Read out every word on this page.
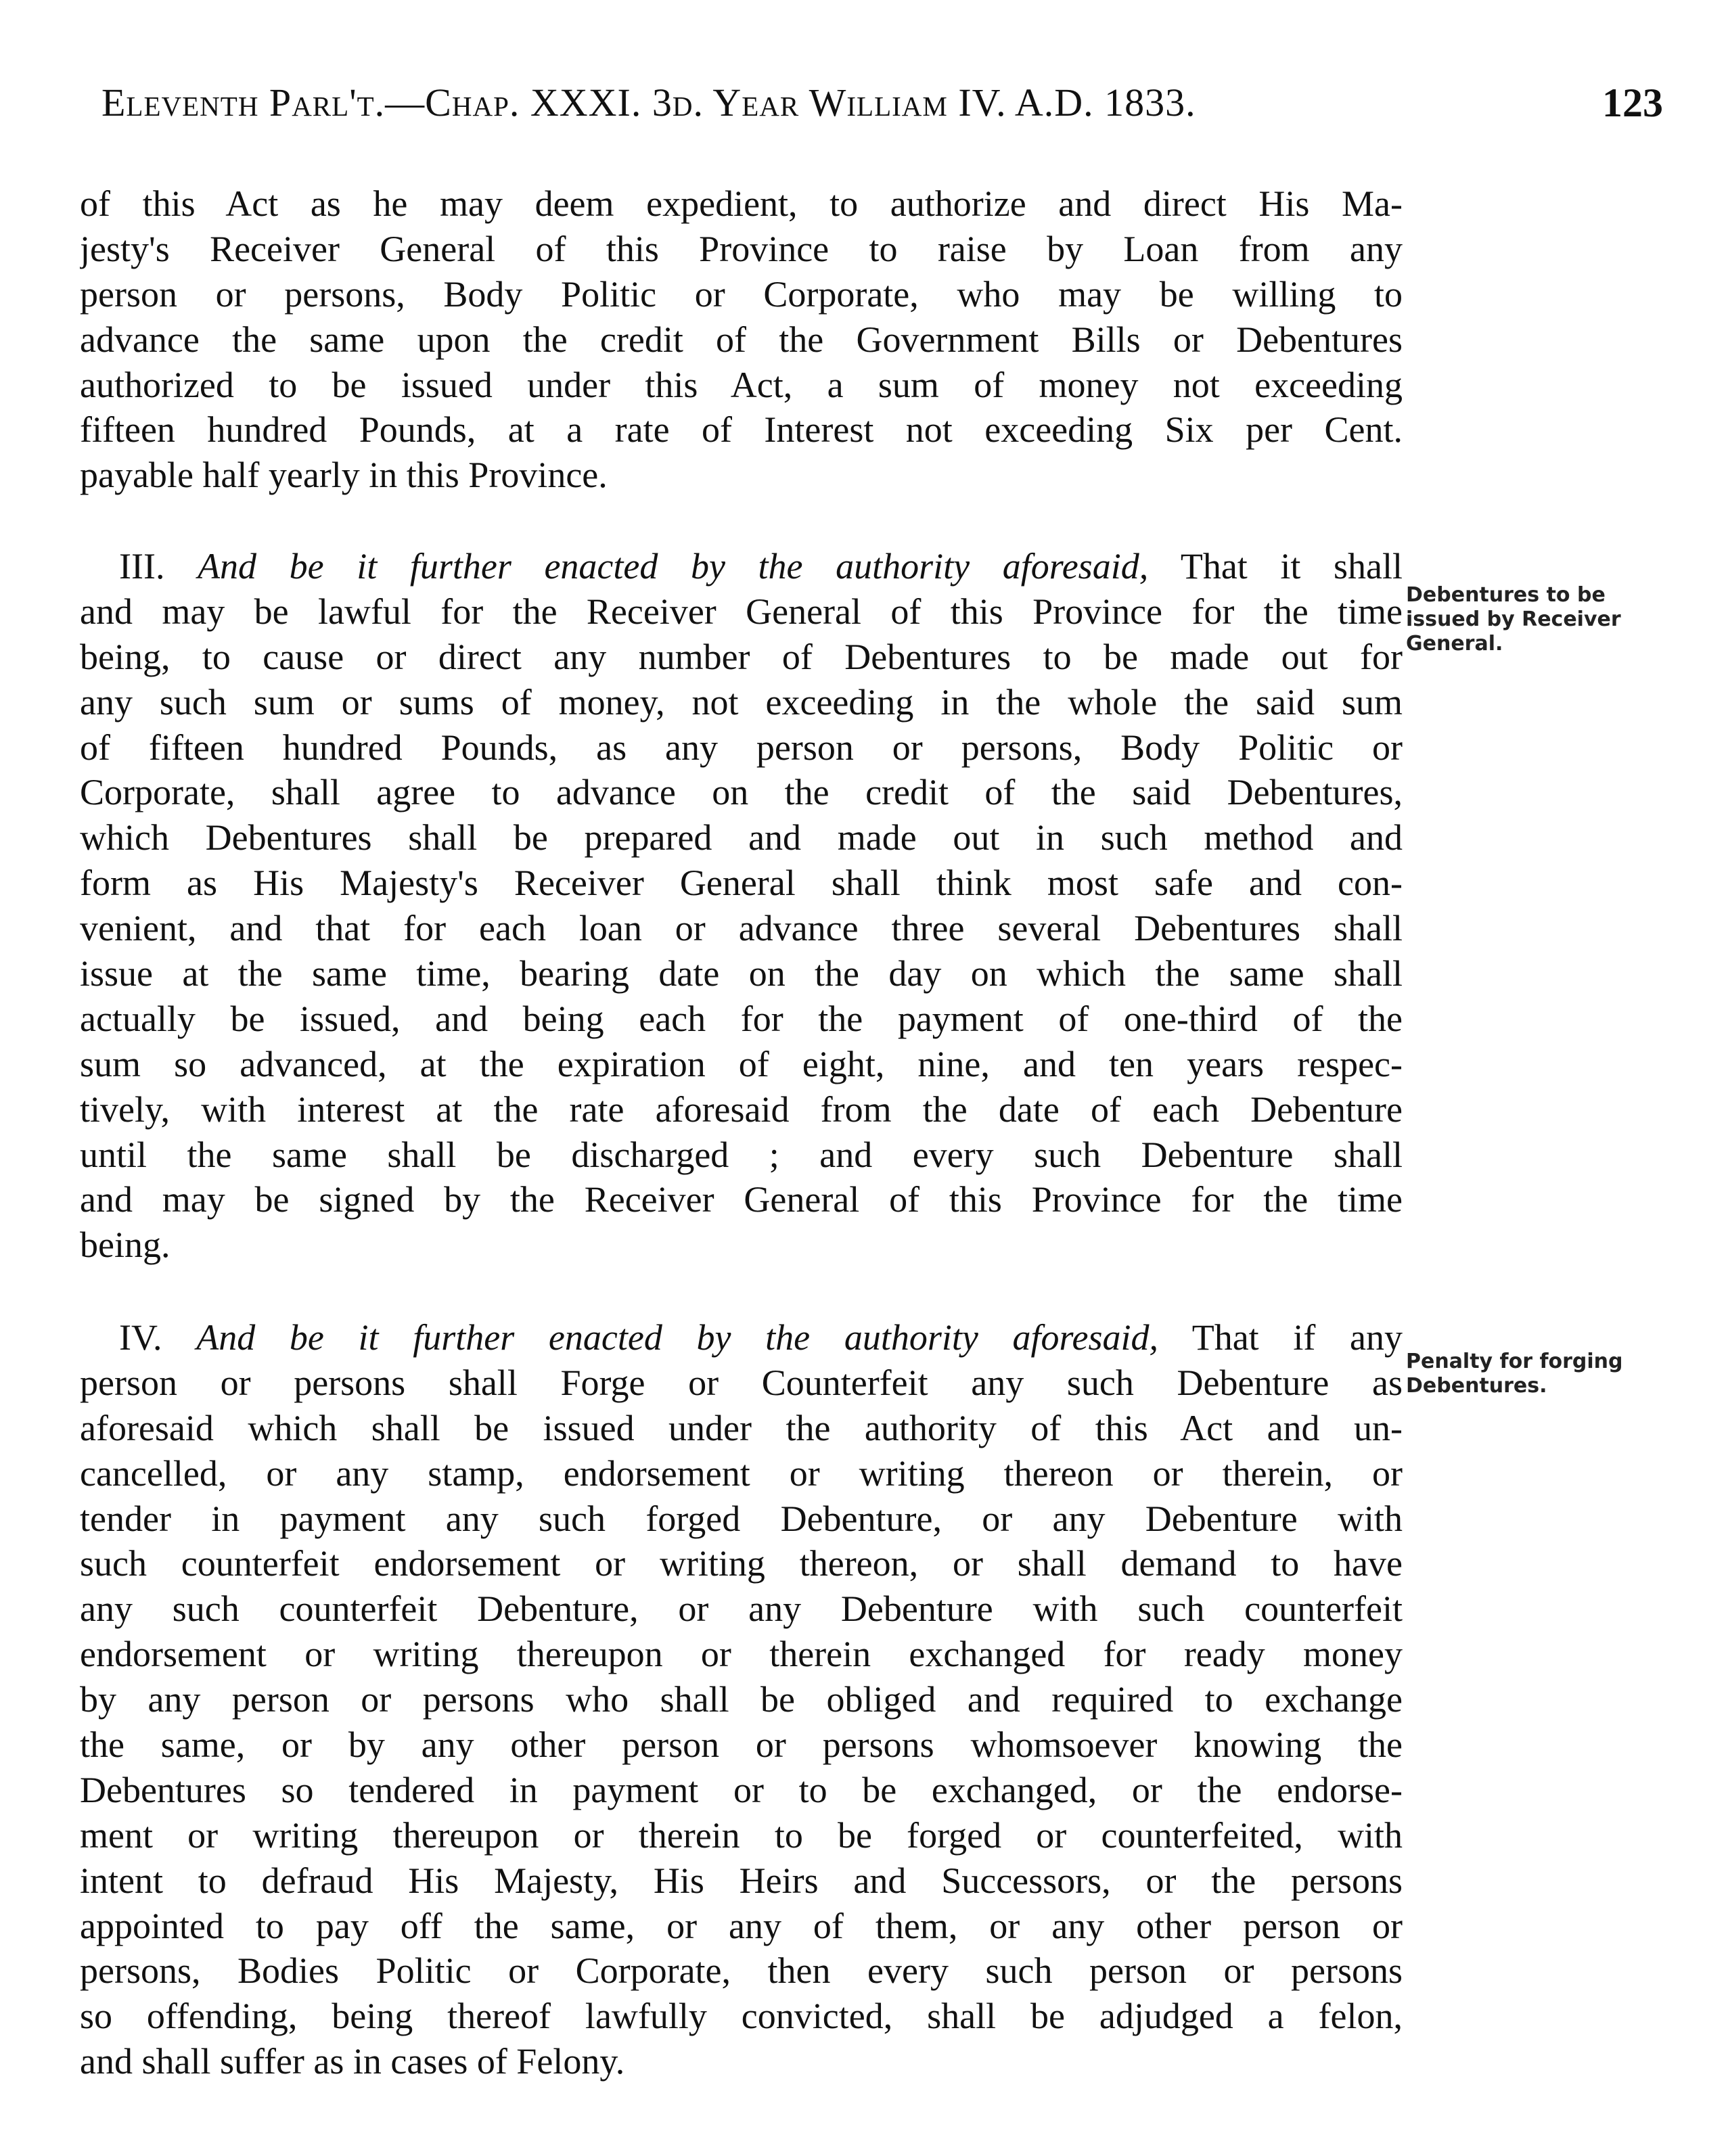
Eleventh Parl't.—Chap. XXXI. 3d. Year William IV. A.D. 1833.	123
of this Act as he may deem expedient, to authorize and direct His Ma-
jesty's Receiver General of this Province to raise by Loan from any
person or persons, Body Politic or Corporate, who may be willing to
advance the same upon the credit of the Government Bills or Debentures
authorized to be issued under this Act, a sum of money not exceeding
fifteen hundred Pounds, at a rate of Interest not exceeding Six per Cent.
payable half yearly in this Province.
III. And be it further enacted by the authority aforesaid, That it shall
and may be lawful for the Receiver General of this Province for the time
being, to cause or direct any number of Debentures to be made out for
any such sum or sums of money, not exceeding in the whole the said sum
of fifteen hundred Pounds, as any person or persons, Body Politic or
Corporate, shall agree to advance on the credit of the said Debentures,
which Debentures shall be prepared and made out in such method and
form as His Majesty's Receiver General shall think most safe and con-
venient, and that for each loan or advance three several Debentures shall
issue at the same time, bearing date on the day on which the same shall
actually be issued, and being each for the payment of one-third of the
sum so advanced, at the expiration of eight, nine, and ten years respec-
tively, with interest at the rate aforesaid from the date of each Debenture
until the same shall be discharged ; and every such Debenture shall
and may be signed by the Receiver General of this Province for the time
being.
Debentures to be
issued by Receiver
General.
IV. And be it further enacted by the authority aforesaid, That if any
person or persons shall Forge or Counterfeit any such Debenture as
aforesaid which shall be issued under the authority of this Act and un-
cancelled, or any stamp, endorsement or writing thereon or therein, or
tender in payment any such forged Debenture, or any Debenture with
such counterfeit endorsement or writing thereon, or shall demand to have
any such counterfeit Debenture, or any Debenture with such counterfeit
endorsement or writing thereupon or therein exchanged for ready money
by any person or persons who shall be obliged and required to exchange
the same, or by any other person or persons whomsoever knowing the
Debentures so tendered in payment or to be exchanged, or the endorse-
ment or writing thereupon or therein to be forged or counterfeited, with
intent to defraud His Majesty, His Heirs and Successors, or the persons
appointed to pay off the same, or any of them, or any other person or
persons, Bodies Politic or Corporate, then every such person or persons
so offending, being thereof lawfully convicted, shall be adjudged a felon,
and shall suffer as in cases of Felony.
Penalty for forging
Debentures.
